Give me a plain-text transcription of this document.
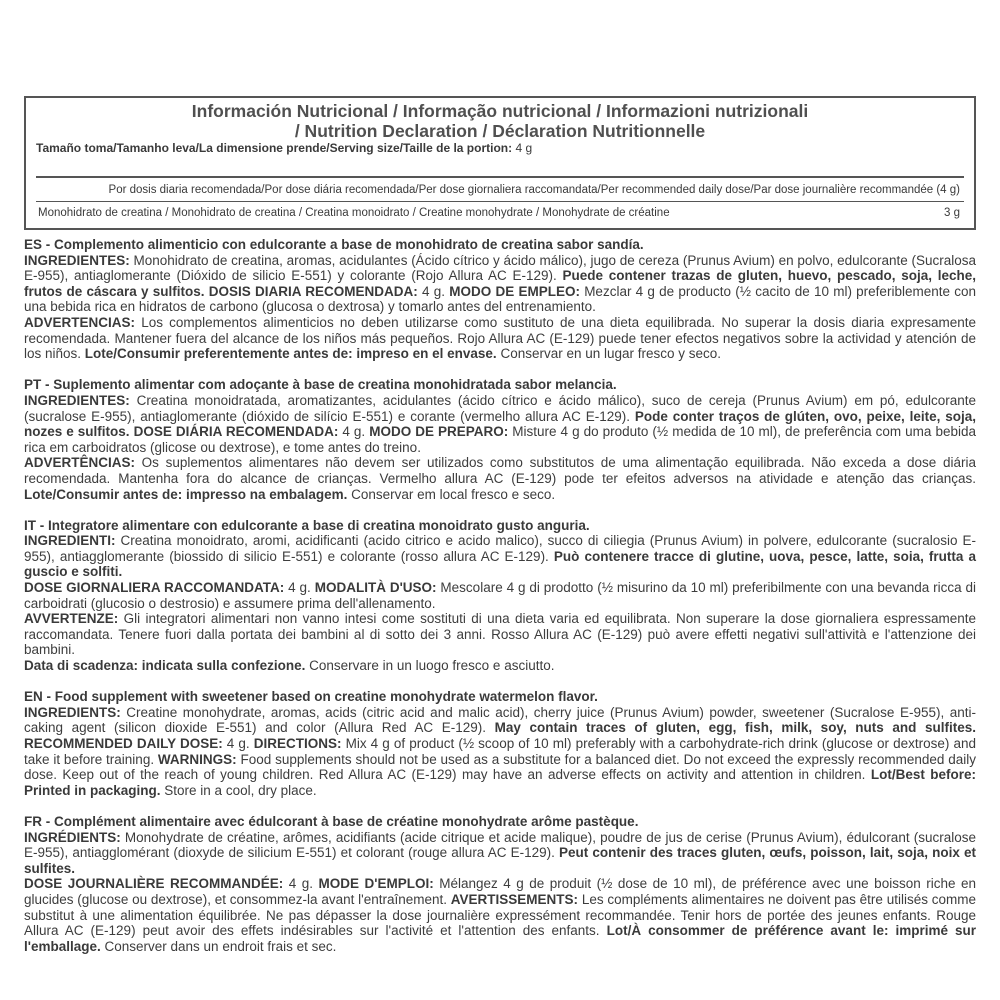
Información Nutricional / Informação nutricional / Informazioni nutrizionali
/ Nutrition Declaration / Déclaration Nutritionnelle
Tamaño toma/Tamanho leva/La dimensione prende/Serving size/Taille de la portion: 4 g
Por dosis diaria recomendada/Por dose diária recomendada/Per dose giornaliera raccomandata/Per recommended daily dose/Par dose journalière recommandée (4 g)
Monohidrato de creatina / Monohidrato de creatina / Creatina monoidrato / Creatine monohydrate / Monohydrate de créatine	3 g

ES - Complemento alimenticio con edulcorante a base de monohidrato de creatina sabor sandía.
INGREDIENTES: Monohidrato de creatina, aromas, acidulantes (Ácido cítrico y ácido málico), jugo de cereza (Prunus Avium) en polvo, edulcorante (Sucralosa E-955), antiaglomerante (Dióxido de silicio E-551) y colorante (Rojo Allura AC E-129). Puede contener trazas de gluten, huevo, pescado, soja, leche, frutos de cáscara y sulfitos. DOSIS DIARIA RECOMENDADA: 4 g. MODO DE EMPLEO: Mezclar 4 g de producto (½ cacito de 10 ml) preferiblemente con una bebida rica en hidratos de carbono (glucosa o dextrosa) y tomarlo antes del entrenamiento.
ADVERTENCIAS: Los complementos alimenticios no deben utilizarse como sustituto de una dieta equilibrada. No superar la dosis diaria expresamente recomendada. Mantener fuera del alcance de los niños más pequeños. Rojo Allura AC (E-129) puede tener efectos negativos sobre la actividad y atención de los niños. Lote/Consumir preferentemente antes de: impreso en el envase. Conservar en un lugar fresco y seco.

PT - Suplemento alimentar com adoçante à base de creatina monohidratada sabor melancia.
INGREDIENTES: Creatina monoidratada, aromatizantes, acidulantes (ácido cítrico e ácido málico), suco de cereja (Prunus Avium) em pó, edulcorante (sucralose E-955), antiaglomerante (dióxido de silício E-551) e corante (vermelho allura AC E-129). Pode conter traços de glúten, ovo, peixe, leite, soja, nozes e sulfitos. DOSE DIÁRIA RECOMENDADA: 4 g. MODO DE PREPARO: Misture 4 g do produto (½ medida de 10 ml), de preferência com uma bebida rica em carboidratos (glicose ou dextrose), e tome antes do treino.
ADVERTÊNCIAS: Os suplementos alimentares não devem ser utilizados como substitutos de uma alimentação equilibrada. Não exceda a dose diária recomendada. Mantenha fora do alcance de crianças. Vermelho allura AC (E-129) pode ter efeitos adversos na atividade e atenção das crianças. Lote/Consumir antes de: impresso na embalagem. Conservar em local fresco e seco.

IT - Integratore alimentare con edulcorante a base di creatina monoidrato gusto anguria.
INGREDIENTI: Creatina monoidrato, aromi, acidificanti (acido citrico e acido malico), succo di ciliegia (Prunus Avium) in polvere, edulcorante (sucralosio E-955), antiagglomerante (biossido di silicio E-551) e colorante (rosso allura AC E-129). Può contenere tracce di glutine, uova, pesce, latte, soia, frutta a guscio e solfiti.
DOSE GIORNALIERA RACCOMANDATA: 4 g. MODALITÀ D'USO: Mescolare 4 g di prodotto (½ misurino da 10 ml) preferibilmente con una bevanda ricca di carboidrati (glucosio o destrosio) e assumere prima dell'allenamento.
AVVERTENZE: Gli integratori alimentari non vanno intesi come sostituti di una dieta varia ed equilibrata. Non superare la dose giornaliera espressamente raccomandata. Tenere fuori dalla portata dei bambini al di sotto dei 3 anni. Rosso Allura AC (E-129) può avere effetti negativi sull'attività e l'attenzione dei bambini.
Data di scadenza: indicata sulla confezione. Conservare in un luogo fresco e asciutto.

EN - Food supplement with sweetener based on creatine monohydrate watermelon flavor.
INGREDIENTS: Creatine monohydrate, aromas, acids (citric acid and malic acid), cherry juice (Prunus Avium) powder, sweetener (Sucralose E-955), anti-caking agent (silicon dioxide E-551) and color (Allura Red AC E-129). May contain traces of gluten, egg, fish, milk, soy, nuts and sulfites. RECOMMENDED DAILY DOSE: 4 g. DIRECTIONS: Mix 4 g of product (½ scoop of 10 ml) preferably with a carbohydrate-rich drink (glucose or dextrose) and take it before training. WARNINGS: Food supplements should not be used as a substitute for a balanced diet. Do not exceed the expressly recommended daily dose. Keep out of the reach of young children. Red Allura AC (E-129) may have an adverse effects on activity and attention in children. Lot/Best before: Printed in packaging. Store in a cool, dry place.

FR - Complément alimentaire avec édulcorant à base de créatine monohydrate arôme pastèque.
INGRÉDIENTS: Monohydrate de créatine, arômes, acidifiants (acide citrique et acide malique), poudre de jus de cerise (Prunus Avium), édulcorant (sucralose E-955), antiagglomérant (dioxyde de silicium E-551) et colorant (rouge allura AC E-129). Peut contenir des traces gluten, œufs, poisson, lait, soja, noix et sulfites.
DOSE JOURNALIÈRE RECOMMANDÉE: 4 g. MODE D'EMPLOI: Mélangez 4 g de produit (½ dose de 10 ml), de préférence avec une boisson riche en glucides (glucose ou dextrose), et consommez-la avant l'entraînement. AVERTISSEMENTS: Les compléments alimentaires ne doivent pas être utilisés comme substitut à une alimentation équilibrée. Ne pas dépasser la dose journalière expressément recommandée. Tenir hors de portée des jeunes enfants. Rouge Allura AC (E-129) peut avoir des effets indésirables sur l'activité et l'attention des enfants. Lot/À consommer de préférence avant le: imprimé sur l'emballage. Conserver dans un endroit frais et sec.
